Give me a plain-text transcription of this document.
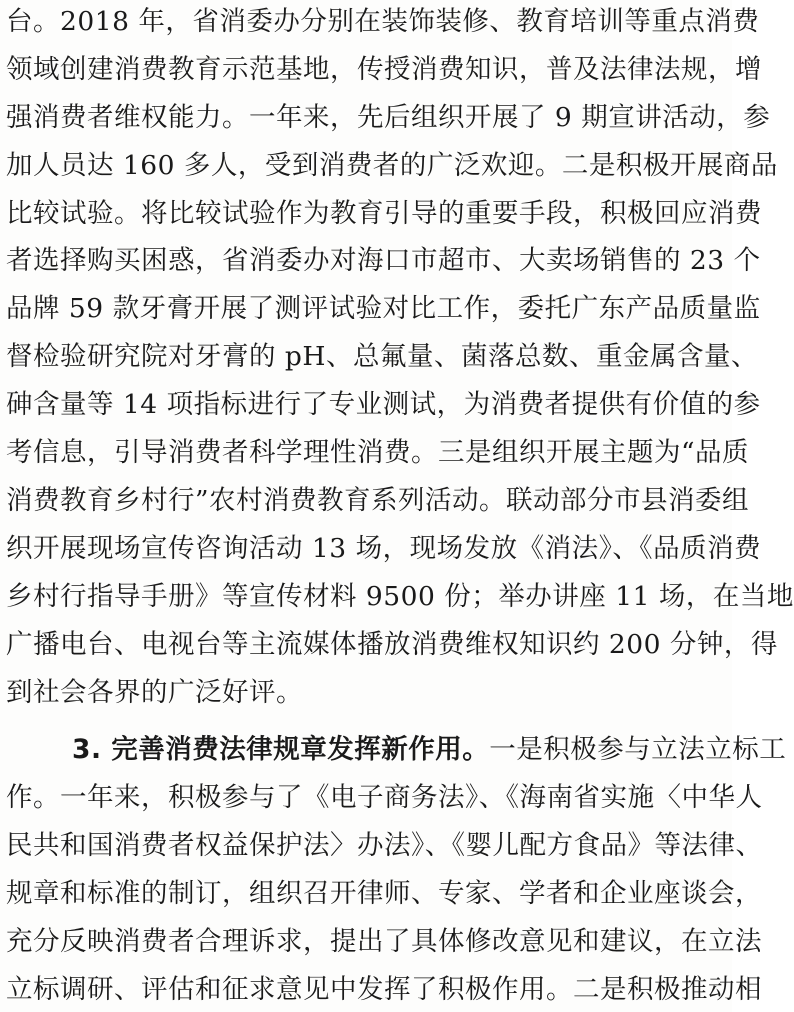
台。2018 年，省消委办分别在装饰装修、教育培训等重点消费
领域创建消费教育示范基地，传授消费知识，普及法律法规，增
强消费者维权能力。一年来，先后组织开展了 9 期宣讲活动，参
加人员达 160 多人，受到消费者的广泛欢迎。二是积极开展商品
比较试验。将比较试验作为教育引导的重要手段，积极回应消费
者选择购买困惑，省消委办对海口市超市、大卖场销售的 23 个
品牌 59 款牙膏开展了测评试验对比工作，委托广东产品质量监
督检验研究院对牙膏的 pH、总氟量、菌落总数、重金属含量、
砷含量等 14 项指标进行了专业测试，为消费者提供有价值的参
考信息，引导消费者科学理性消费。三是组织开展主题为“品质
消费教育乡村行”农村消费教育系列活动。联动部分市县消委组
织开展现场宣传咨询活动 13 场，现场发放《消法》、《品质消费
乡村行指导手册》等宣传材料 9500 份；举办讲座 11 场，在当地
广播电台、电视台等主流媒体播放消费维权知识约 200 分钟，得
到社会各界的广泛好评。
3. 完善消费法律规章发挥新作用。一是积极参与立法立标工
作。一年来，积极参与了《电子商务法》、《海南省实施〈中华人
民共和国消费者权益保护法〉办法》、《婴儿配方食品》等法律、
规章和标准的制订，组织召开律师、专家、学者和企业座谈会，
充分反映消费者合理诉求，提出了具体修改意见和建议，在立法
立标调研、评估和征求意见中发挥了积极作用。二是积极推动相
